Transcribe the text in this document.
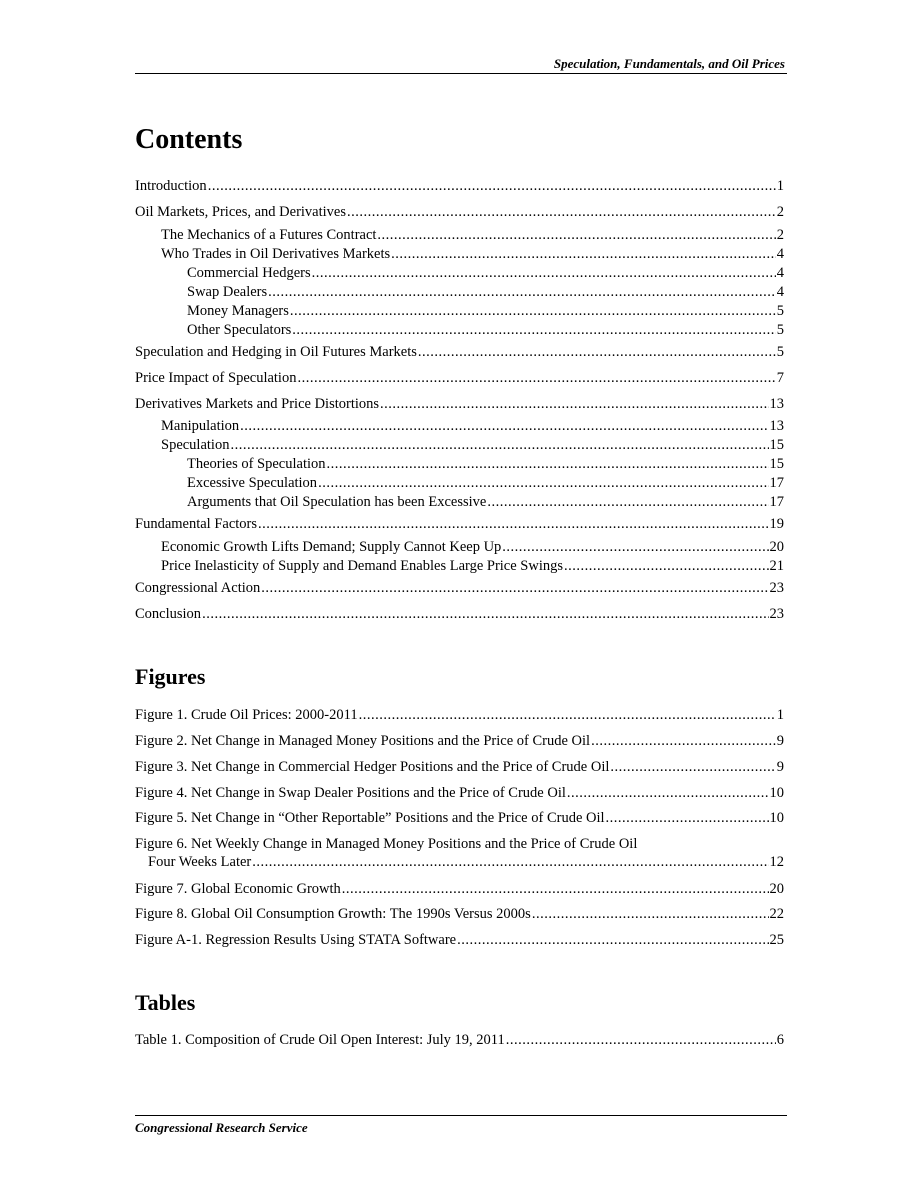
Speculation, Fundamentals, and Oil Prices
Contents
Introduction .....	1
Oil Markets, Prices, and Derivatives .....	2
The Mechanics of a Futures Contract .....	2
Who Trades in Oil Derivatives Markets .....	4
Commercial Hedgers .....	4
Swap Dealers .....	4
Money Managers .....	5
Other Speculators .....	5
Speculation and Hedging in Oil Futures Markets .....	5
Price Impact of Speculation .....	7
Derivatives Markets and Price Distortions .....	13
Manipulation .....	13
Speculation .....	15
Theories of Speculation .....	15
Excessive Speculation .....	17
Arguments that Oil Speculation has been Excessive .....	17
Fundamental Factors .....	19
Economic Growth Lifts Demand; Supply Cannot Keep Up .....	20
Price Inelasticity of Supply and Demand Enables Large Price Swings .....	21
Congressional Action .....	23
Conclusion .....	23
Figures
Figure 1. Crude Oil Prices: 2000-2011 .....	1
Figure 2. Net Change in Managed Money Positions and the Price of Crude Oil .....	9
Figure 3. Net Change in Commercial Hedger Positions and the Price of Crude Oil .....	9
Figure 4. Net Change in Swap Dealer Positions and the Price of Crude Oil .....	10
Figure 5. Net Change in “Other Reportable” Positions and the Price of Crude Oil .....	10
Figure 6. Net Weekly Change in Managed Money Positions and the Price of Crude Oil
Four Weeks Later .....	12
Figure 7. Global Economic Growth .....	20
Figure 8. Global Oil Consumption Growth: The 1990s Versus 2000s .....	22
Figure A-1. Regression Results Using STATA Software .....	25
Tables
Table 1. Composition of Crude Oil Open Interest: July 19, 2011 .....	6
Congressional Research Service
